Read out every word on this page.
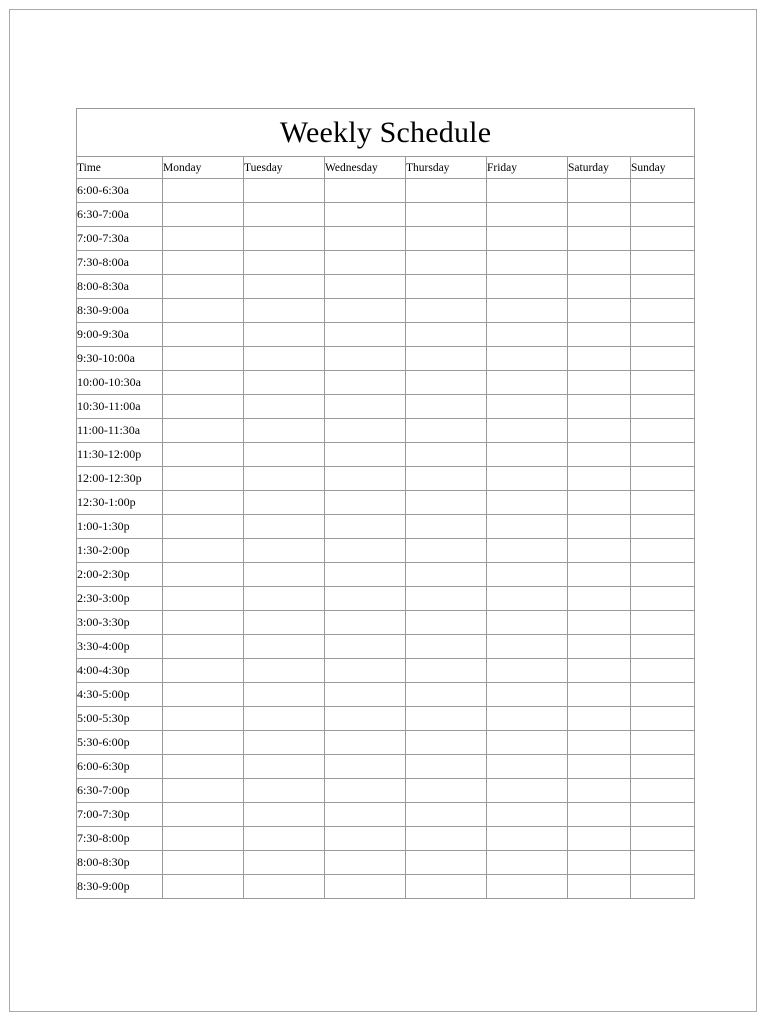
Weekly Schedule							
Time	Monday	Tuesday	Wednesday	Thursday	Friday	Saturday	Sunday
6:00-6:30a							
6:30-7:00a							
7:00-7:30a							
7:30-8:00a							
8:00-8:30a							
8:30-9:00a							
9:00-9:30a							
9:30-10:00a							
10:00-10:30a							
10:30-11:00a							
11:00-11:30a							
11:30-12:00p							
12:00-12:30p							
12:30-1:00p							
1:00-1:30p							
1:30-2:00p							
2:00-2:30p							
2:30-3:00p							
3:00-3:30p							
3:30-4:00p							
4:00-4:30p							
4:30-5:00p							
5:00-5:30p							
5:30-6:00p							
6:00-6:30p							
6:30-7:00p							
7:00-7:30p							
7:30-8:00p							
8:00-8:30p							
8:30-9:00p							
